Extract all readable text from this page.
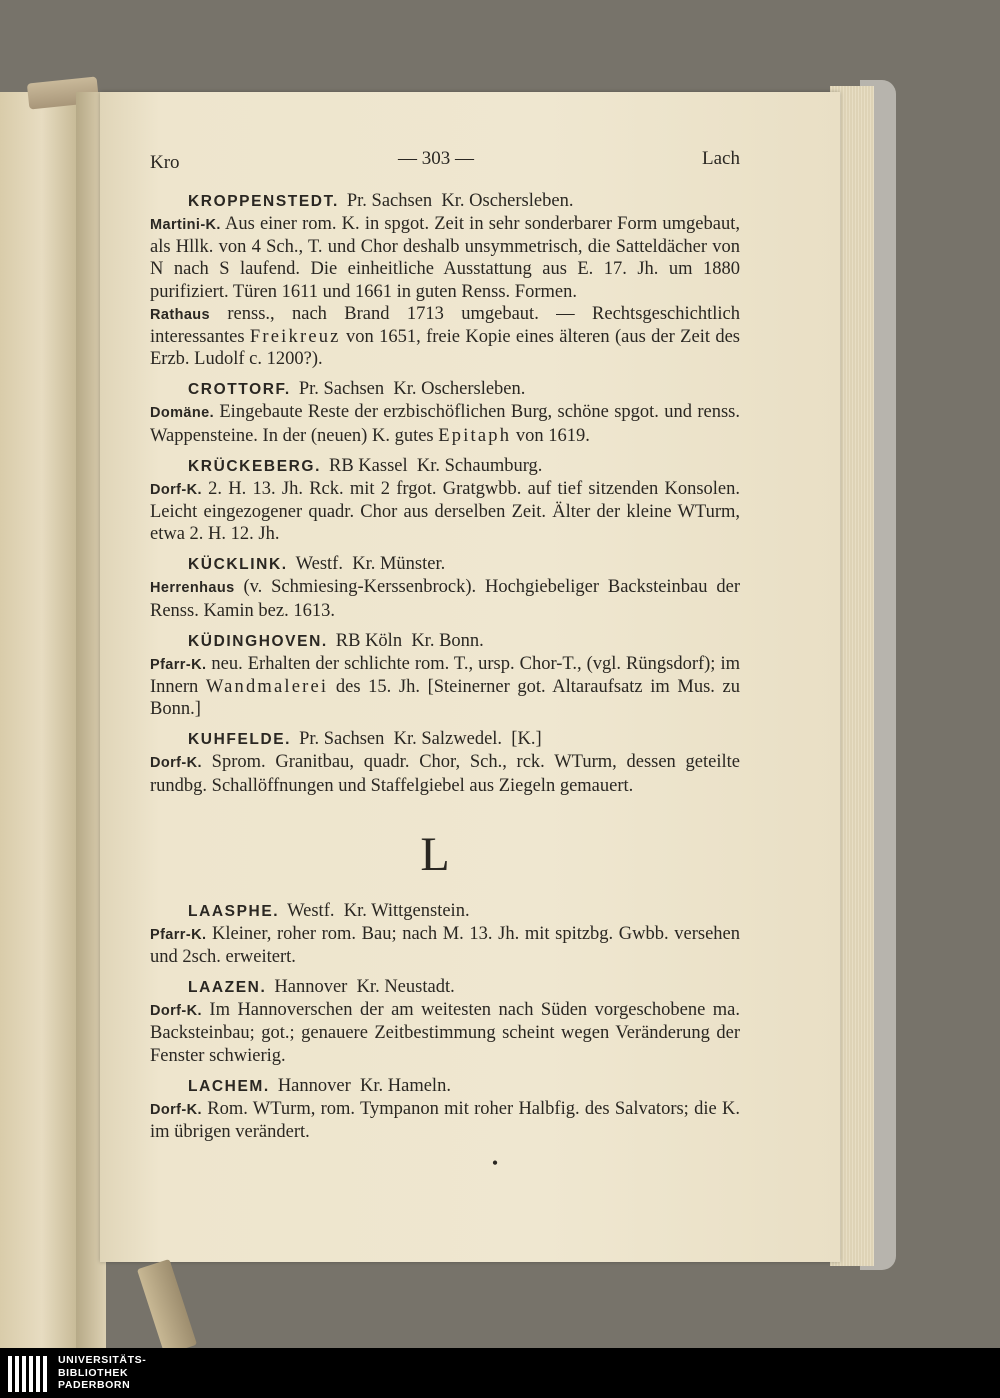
Kro	— 303 —	Lach
KROPPENSTEDT. Pr. Sachsen  Kr. Oschersleben.

Martini-K. Aus einer rom. K. in spgot. Zeit in sehr sonderbarer Form umgebaut, als Hllk. von 4 Sch., T. und Chor deshalb unsymmetrisch, die Satteldächer von N nach S laufend. Die einheitliche Ausstattung aus E. 17. Jh. um 1880 purifiziert. Türen 1611 und 1661 in guten Renss. Formen.

Rathaus renss., nach Brand 1713 umgebaut. — Rechtsgeschichtlich interessantes Freikreuz von 1651, freie Kopie eines älteren (aus der Zeit des Erzb. Ludolf c. 1200?).

CROTTORF. Pr. Sachsen  Kr. Oschersleben.

Domäne. Eingebaute Reste der erzbischöflichen Burg, schöne spgot. und renss. Wappensteine. In der (neuen) K. gutes Epitaph von 1619.

KRÜCKEBERG. RB Kassel  Kr. Schaumburg.

Dorf-K. 2. H. 13. Jh. Rck. mit 2 frgot. Gratgwbb. auf tief sitzenden Konsolen. Leicht eingezogener quadr. Chor aus derselben Zeit. Älter der kleine WTurm, etwa 2. H. 12. Jh.

KÜCKLINK. Westf.  Kr. Münster.

Herrenhaus (v. Schmiesing-Kerssenbrock). Hochgiebeliger Backsteinbau der Renss. Kamin bez. 1613.

KÜDINGHOVEN. RB Köln  Kr. Bonn.

Pfarr-K. neu. Erhalten der schlichte rom. T., ursp. Chor-T., (vgl. Rüngsdorf); im Innern Wandmalerei des 15. Jh. [Steinerner got. Altaraufsatz im Mus. zu Bonn.]

KUHFELDE. Pr. Sachsen  Kr. Salzwedel.  [K.]

Dorf-K. Sprom. Granitbau, quadr. Chor, Sch., rck. WTurm, dessen geteilte rundbg. Schallöffnungen und Staffelgiebel aus Ziegeln gemauert.

L
LAASPHE. Westf.  Kr. Wittgenstein.

Pfarr-K. Kleiner, roher rom. Bau; nach M. 13. Jh. mit spitzbg. Gwbb. versehen und 2sch. erweitert.

LAAZEN. Hannover  Kr. Neustadt.

Dorf-K. Im Hannoverschen der am weitesten nach Süden vorgeschobene ma. Backsteinbau; got.; genauere Zeitbestimmung scheint wegen Veränderung der Fenster schwierig.

LACHEM. Hannover  Kr. Hameln.

Dorf-K. Rom. WTurm, rom. Tympanon mit roher Halbfig. des Salvators; die K. im übrigen verändert.

•
UNIVERSITÄTS-
BIBLIOTHEK
PADERBORN
